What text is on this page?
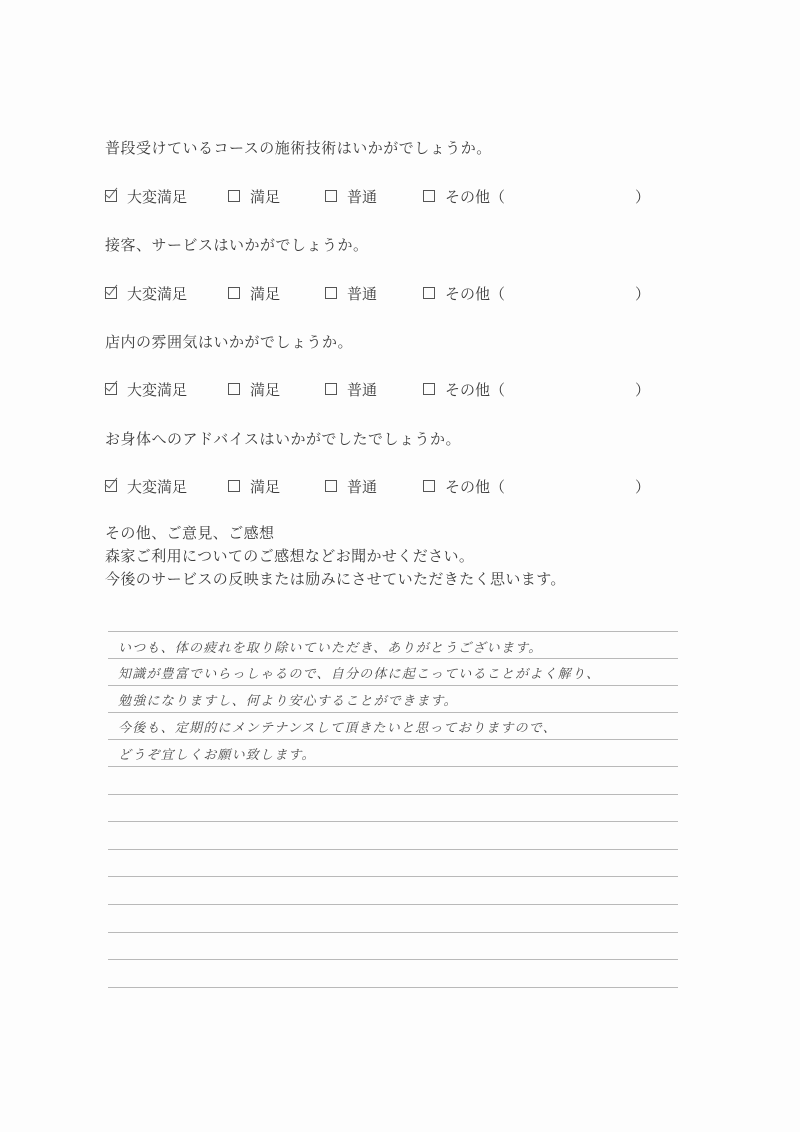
普段受けているコースの施術技術はいかがでしょうか。
大変満足	満足	普通	その他（	）
接客、サービスはいかがでしょうか。
大変満足	満足	普通	その他（	）
店内の雰囲気はいかがでしょうか。
大変満足	満足	普通	その他（	）
お身体へのアドバイスはいかがでしたでしょうか。
大変満足	満足	普通	その他（	）
その他、ご意見、ご感想
森家ご利用についてのご感想などお聞かせください。
今後のサービスの反映または励みにさせていただきたく思います。
いつも、体の疲れを取り除いていただき、ありがとうございます。
知識が豊富でいらっしゃるので、自分の体に起こっていることがよく解り、
勉強になりますし、何より安心することができます。
今後も、定期的にメンテナンスして頂きたいと思っておりますので、
どうぞ宜しくお願い致します。
